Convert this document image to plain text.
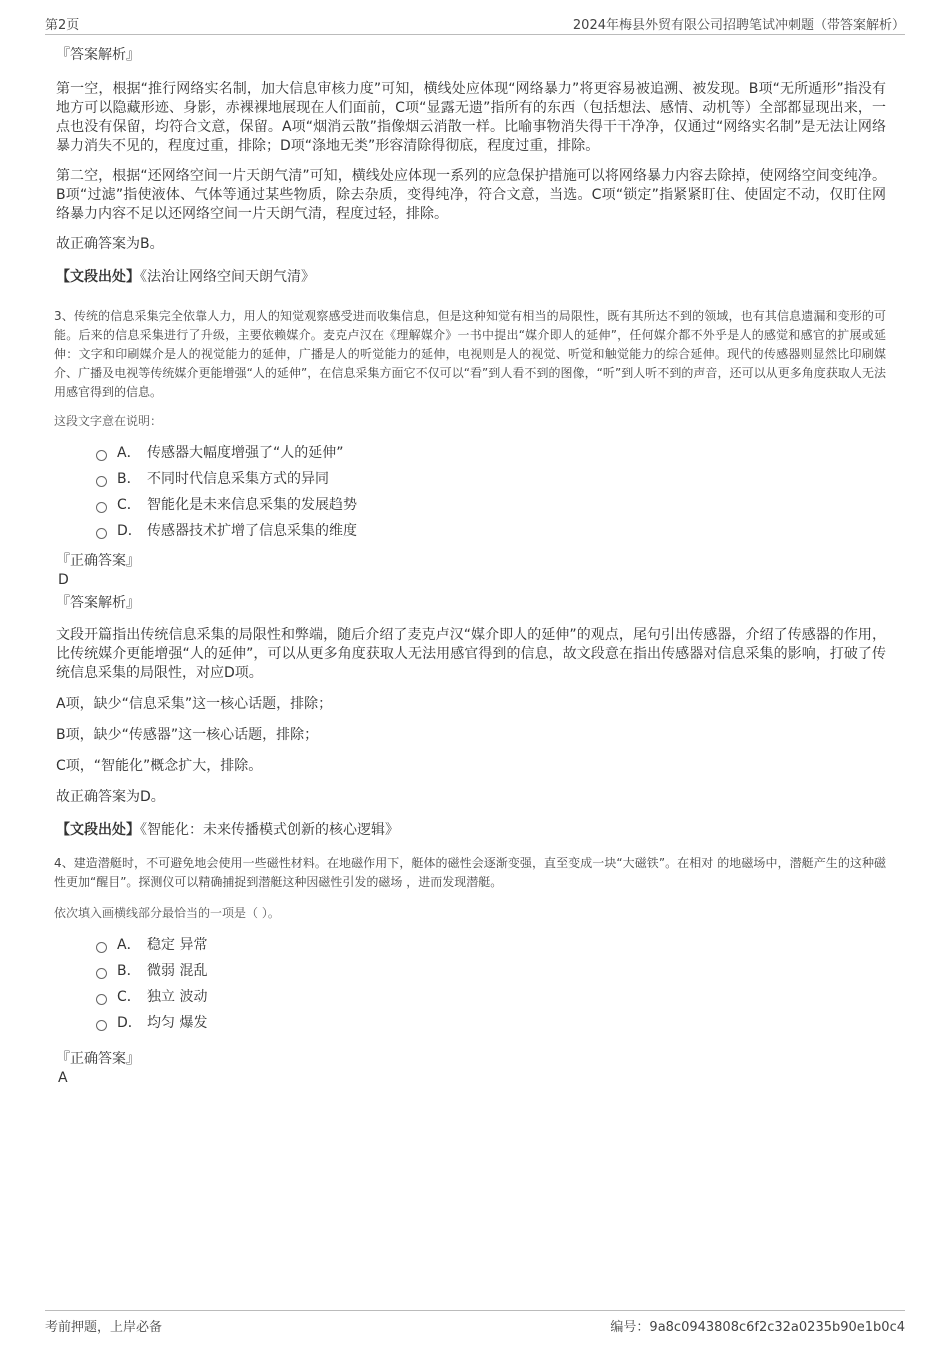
第2页	2024年梅县外贸有限公司招聘笔试冲刺题（带答案解析）

『答案解析』

第一空，根据“推行网络实名制，加大信息审核力度”可知，横线处应体现“网络暴力”将更容易被追溯、被发现。B项“无所遁形”指没有地方可以隐藏形迹、身影，赤裸裸地展现在人们面前，C项“显露无遗”指所有的东西（包括想法、感情、动机等）全部都显现出来，一点也没有保留，均符合文意，保留。A项“烟消云散”指像烟云消散一样。比喻事物消失得干干净净，仅通过“网络实名制”是无法让网络暴力消失不见的，程度过重，排除；D项“涤地无类”形容清除得彻底，程度过重，排除。

第二空，根据“还网络空间一片天朗气清”可知，横线处应体现一系列的应急保护措施可以将网络暴力内容去除掉，使网络空间变纯净。B项“过滤”指使液体、气体等通过某些物质，除去杂质，变得纯净，符合文意，当选。C项“锁定”指紧紧盯住、使固定不动，仅盯住网络暴力内容不足以还网络空间一片天朗气清，程度过轻，排除。

故正确答案为B。

【文段出处】《法治让网络空间天朗气清》

3、传统的信息采集完全依靠人力，用人的知觉观察感受进而收集信息，但是这种知觉有相当的局限性，既有其所达不到的领域，也有其信息遗漏和变形的可能。后来的信息采集进行了升级，主要依赖媒介。麦克卢汉在《理解媒介》一书中提出“媒介即人的延伸”，任何媒介都不外乎是人的感觉和感官的扩展或延伸：文字和印刷媒介是人的视觉能力的延伸，广播是人的听觉能力的延伸，电视则是人的视觉、听觉和触觉能力的综合延伸。现代的传感器则显然比印刷媒介、广播及电视等传统媒介更能增强“人的延伸”，在信息采集方面它不仅可以“看”到人看不到的图像，“听”到人听不到的声音，还可以从更多角度获取人无法用感官得到的信息。

这段文字意在说明：

A． 传感器大幅度增强了“人的延伸”
B． 不同时代信息采集方式的异同
C． 智能化是未来信息采集的发展趋势
D． 传感器技术扩增了信息采集的维度

『正确答案』

D

『答案解析』

文段开篇指出传统信息采集的局限性和弊端，随后介绍了麦克卢汉“媒介即人的延伸”的观点，尾句引出传感器，介绍了传感器的作用，比传统媒介更能增强“人的延伸”，可以从更多角度获取人无法用感官得到的信息，故文段意在指出传感器对信息采集的影响，打破了传统信息采集的局限性，对应D项。

A项，缺少“信息采集”这一核心话题，排除；

B项，缺少“传感器”这一核心话题，排除；

C项，“智能化”概念扩大，排除。

故正确答案为D。

【文段出处】《智能化：未来传播模式创新的核心逻辑》

4、建造潜艇时，不可避免地会使用一些磁性材料。在地磁作用下，艇体的磁性会逐渐变强，直至变成一块“大磁铁”。在相对 的地磁场中，潜艇产生的这种磁性更加“醒目”。探测仪可以精确捕捉到潜艇这种因磁性引发的磁场 ，进而发现潜艇。

依次填入画横线部分最恰当的一项是（ ）。

A． 稳定 异常
B． 微弱 混乱
C． 独立 波动
D． 均匀 爆发

『正确答案』

A

考前押题，上岸必备	编号：9a8c0943808c6f2c32a0235b90e1b0c4
